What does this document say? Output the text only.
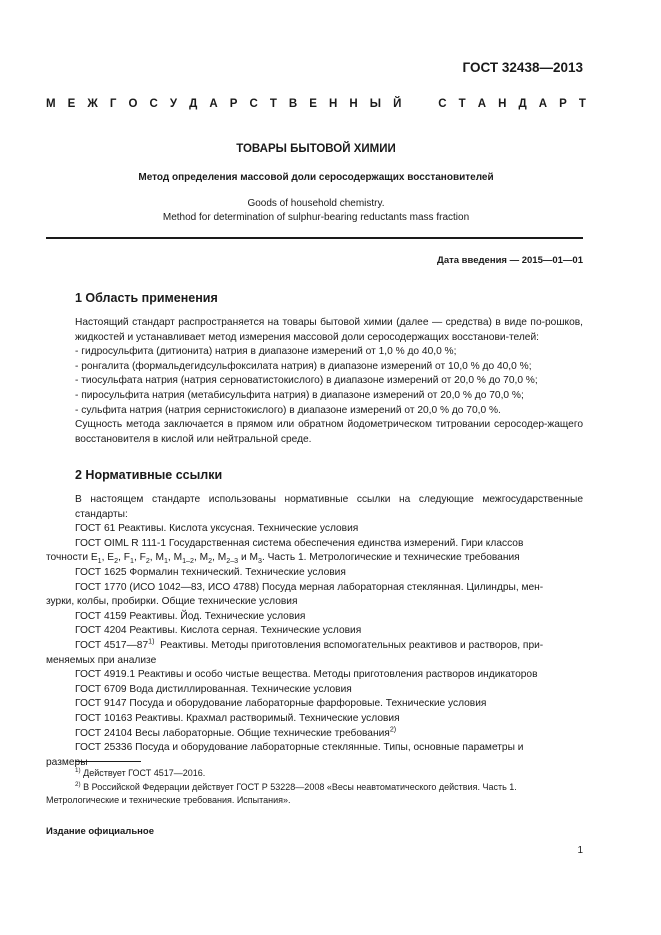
ГОСТ 32438—2013
М Е Ж Г О С У Д А Р С Т В Е Н Н Ы Й
	С Т А Н Д А Р Т
ТОВАРЫ БЫТОВОЙ ХИМИИ
Метод определения массовой доли серосодержащих восстановителей
Goods of household chemistry.
Method for determination of sulphur-bearing reductants mass fraction
Дата введения — 2015—01—01
1 Область применения
Настоящий стандарт распространяется на товары бытовой химии (далее — средства) в виде по-рошков, жидкостей и устанавливает метод измерения массовой доли серосодержащих восстанови-телей:
- гидросульфита (дитионита) натрия в диапазоне измерений от 1,0 % до 40,0 %;
- ронгалита (формальдегидсульфоксилата натрия) в диапазоне измерений от 10,0 % до 40,0 %;
- тиосульфата натрия (натрия серноватистокислого) в диапазоне измерений от 20,0 % до 70,0 %;
- пиросульфита натрия (метабисульфита натрия) в диапазоне измерений от 20,0 % до 70,0 %;
- сульфита натрия (натрия сернистокислого) в диапазоне измерений от 20,0 % до 70,0 %.
Сущность метода заключается в прямом или обратном йодометрическом титровании серосодер-жащего восстановителя в кислой или нейтральной среде.
2 Нормативные ссылки
В настоящем стандарте использованы нормативные ссылки на следующие межгосударственные стандарты:
ГОСТ 61 Реактивы. Кислота уксусная. Технические условия
ГОСТ OIML R 111-1 Государственная система обеспечения единства измерений. Гири классов
точности $E_1$, $E_2$, $F_1$, $F_2$, $M_1$, $M_{1-2}$, $M_2$, $M_{2-3}$ и $M_3$. Часть 1. Метрологические и технические требования
ГОСТ 1625 Формалин технический. Технические условия
ГОСТ 1770 (ИСО 1042—83, ИСО 4788) Посуда мерная лабораторная стеклянная. Цилиндры, мен-
зурки, колбы, пробирки. Общие технические условия
ГОСТ 4159 Реактивы. Йод. Технические условия
ГОСТ 4204 Реактивы. Кислота серная. Технические условия
ГОСТ 4517—87$^{1)}$ Реактивы. Методы приготовления вспомогательных реактивов и растворов, при-
меняемых при анализе
ГОСТ 4919.1 Реактивы и особо чистые вещества. Методы приготовления растворов индикаторов
ГОСТ 6709 Вода дистиллированная. Технические условия
ГОСТ 9147 Посуда и оборудование лабораторные фарфоровые. Технические условия
ГОСТ 10163 Реактивы. Крахмал растворимый. Технические условия
ГОСТ 24104 Весы лабораторные. Общие технические требования$^{2)}$
ГОСТ 25336 Посуда и оборудование лабораторные стеклянные. Типы, основные параметры и
размеры
$^{1)}$ Действует ГОСТ 4517—2016.
$^{2)}$ В Российской Федерации действует ГОСТ Р 53228—2008 «Весы неавтоматического действия. Часть 1.
Метрологические и технические требования. Испытания».
Издание официальное
1
